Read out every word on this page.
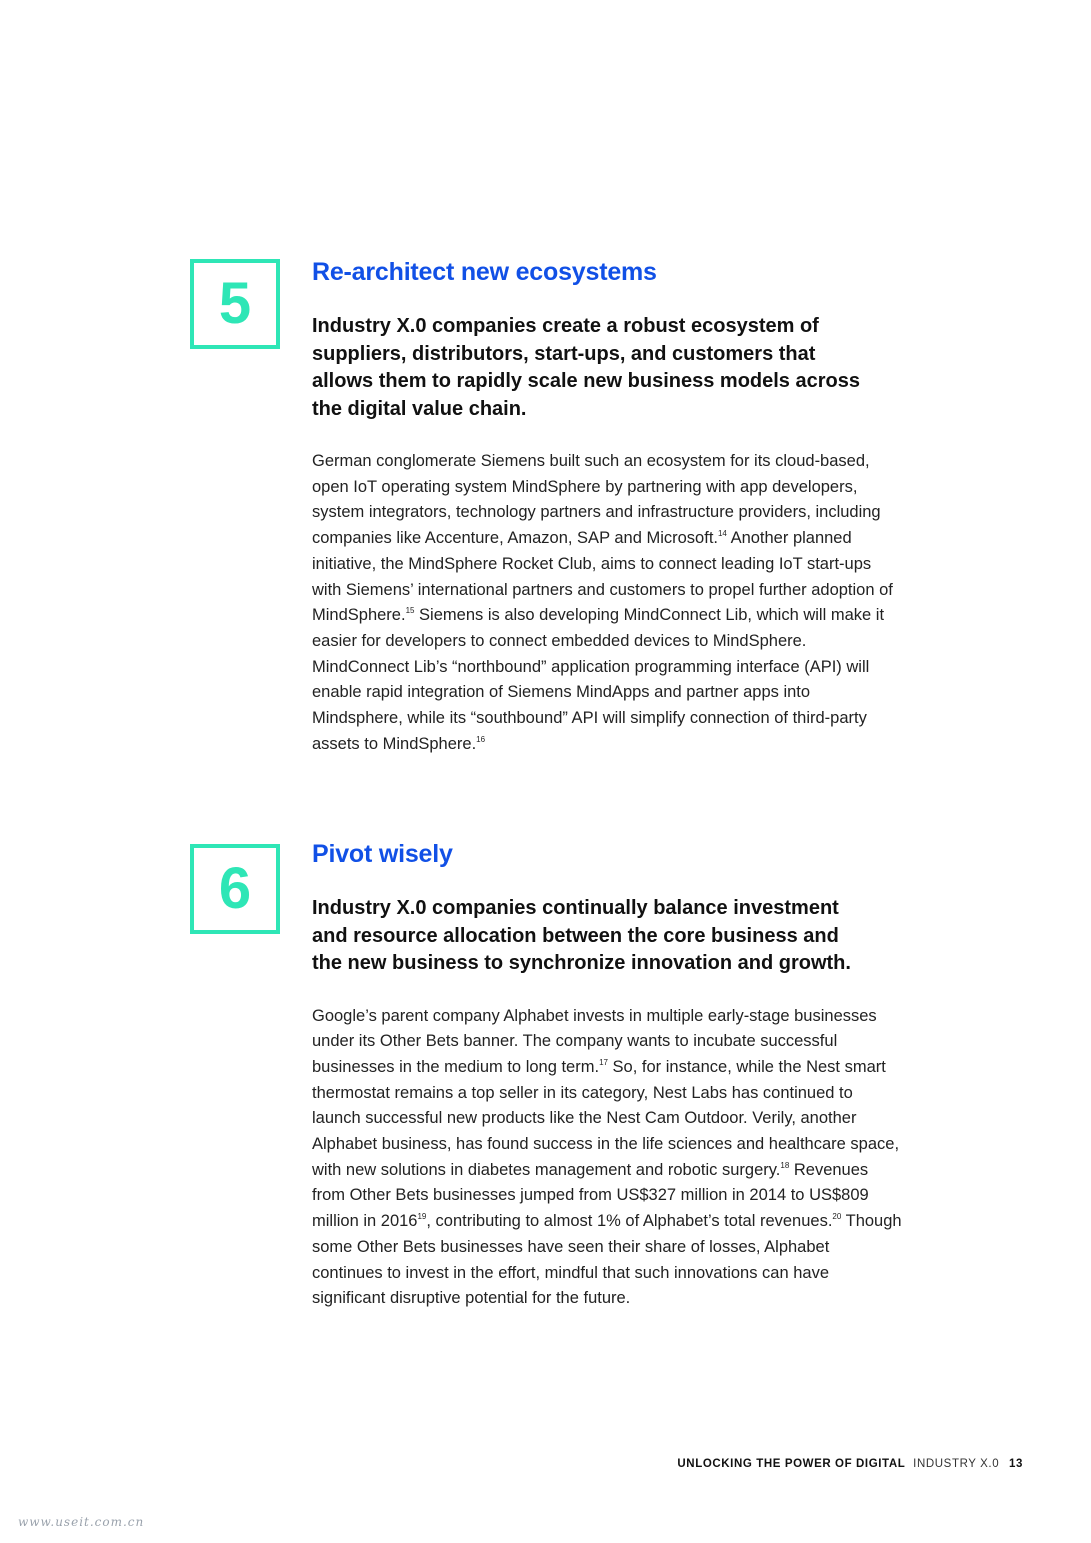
5 Re-architect new ecosystems

Industry X.0 companies create a robust ecosystem of suppliers, distributors, start-ups, and customers that allows them to rapidly scale new business models across the digital value chain.

German conglomerate Siemens built such an ecosystem for its cloud-based, open IoT operating system MindSphere by partnering with app developers, system integrators, technology partners and infrastructure providers, including companies like Accenture, Amazon, SAP and Microsoft.$^{14}$ Another planned initiative, the MindSphere Rocket Club, aims to connect leading IoT start-ups with Siemens’ international partners and customers to propel further adoption of MindSphere.$^{15}$ Siemens is also developing MindConnect Lib, which will make it easier for developers to connect embedded devices to MindSphere. MindConnect Lib’s “northbound” application programming interface (API) will enable rapid integration of Siemens MindApps and partner apps into Mindsphere, while its “southbound” API will simplify connection of third-party assets to MindSphere.$^{16}$

6
Pivot wisely

Industry X.0 companies continually balance investment and resource allocation between the core business and the new business to synchronize innovation and growth.

Google’s parent company Alphabet invests in multiple early-stage businesses under its Other Bets banner. The company wants to incubate successful businesses in the medium to long term.$^{17}$ So, for instance, while the Nest smart thermostat remains a top seller in its category, Nest Labs has continued to launch successful new products like the Nest Cam Outdoor. Verily, another Alphabet business, has found success in the life sciences and healthcare space, with new solutions in diabetes management and robotic surgery.$^{18}$ Revenues from Other Bets businesses jumped from US$327 million in 2014 to US$809 million in 2016$^{19}$, contributing to almost 1% of Alphabet’s total revenues.$^{20}$ Though some Other Bets businesses have seen their share of losses, Alphabet continues to invest in the effort, mindful that such innovations can have significant disruptive potential for the future.

UNLOCKING THE POWER OF DIGITAL INDUSTRY X.0 13
www.useit.com.cn
